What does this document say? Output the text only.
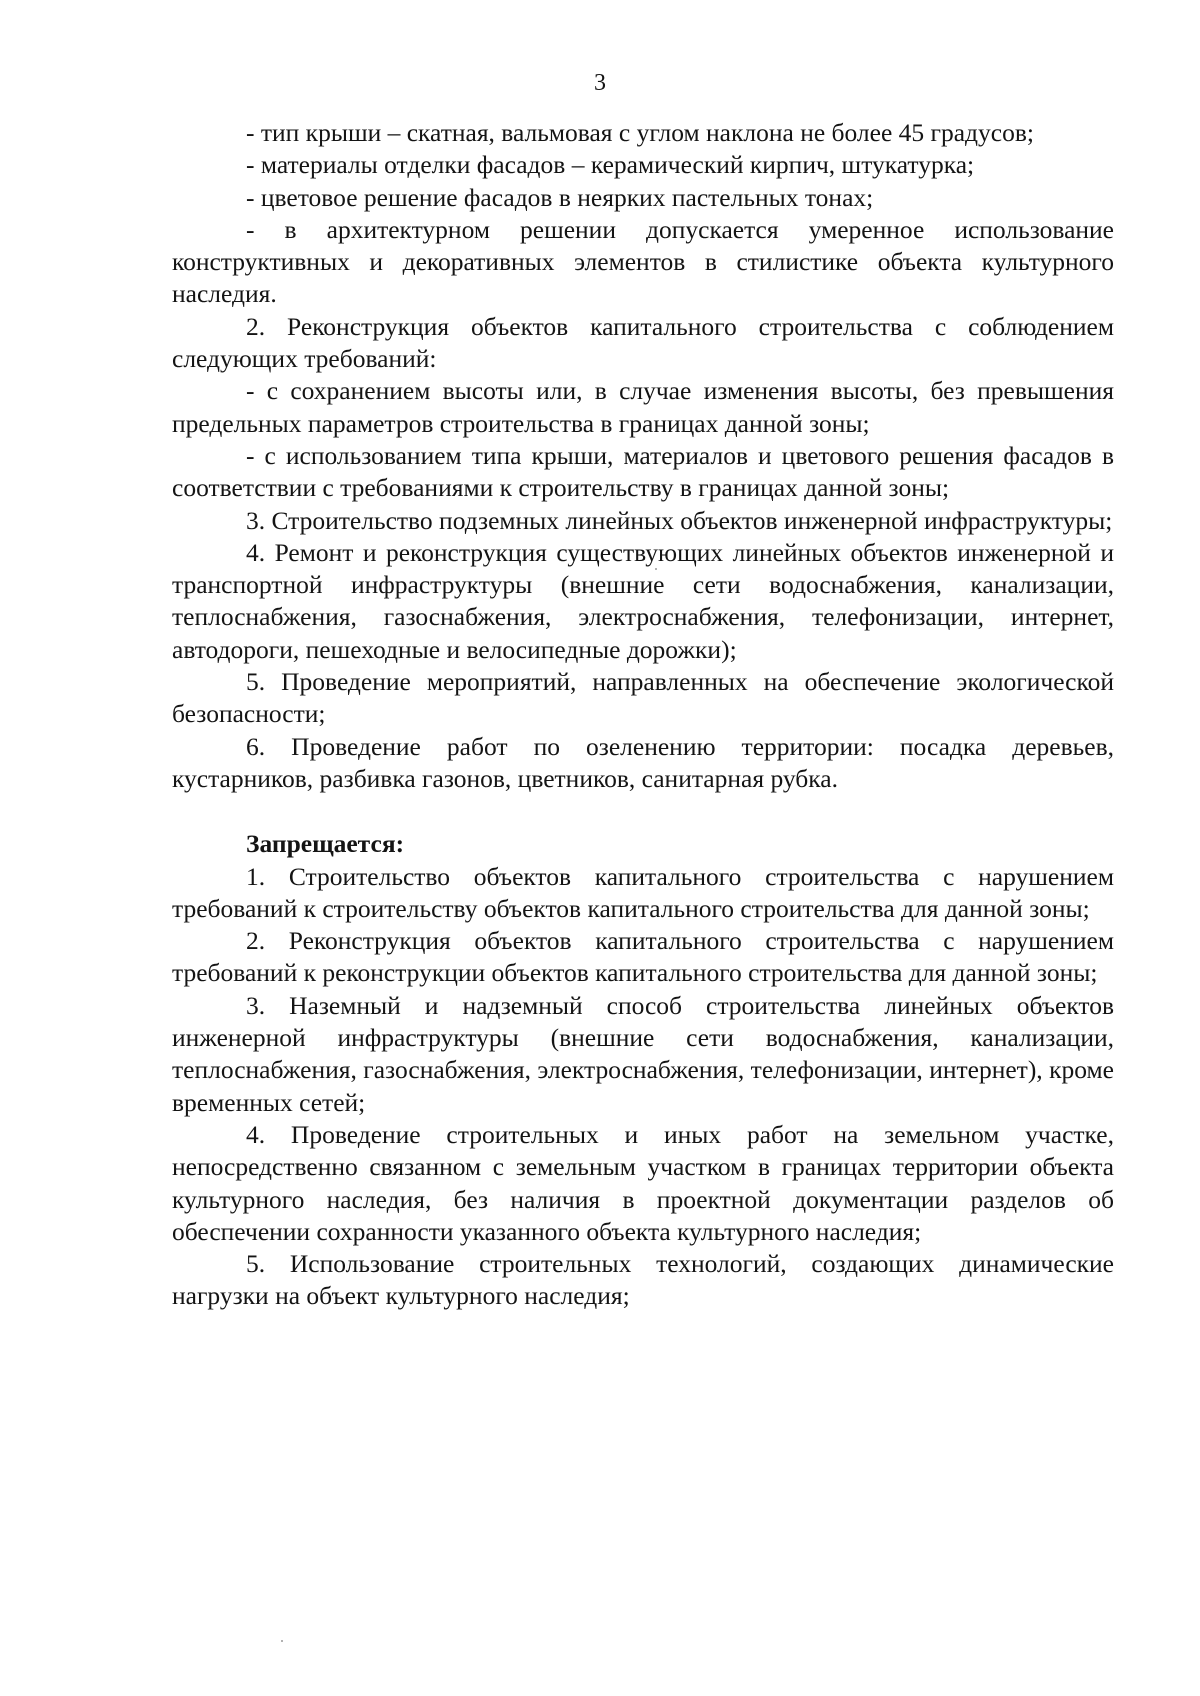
3

- тип крыши – скатная, вальмовая с углом наклона не более 45 градусов;

- материалы отделки фасадов – керамический кирпич, штукатурка;

- цветовое решение фасадов в неярких пастельных тонах;

- в архитектурном решении допускается умеренное использование конструктивных и декоративных элементов в стилистике объекта культурного наследия.

2. Реконструкция объектов капитального строительства с соблюдением следующих требований:

- с сохранением высоты или, в случае изменения высоты, без превышения предельных параметров строительства в границах данной зоны;

- с использованием типа крыши, материалов и цветового решения фасадов в соответствии с требованиями к строительству в границах данной зоны;

3. Строительство подземных линейных объектов инженерной инфраструктуры;

4. Ремонт и реконструкция существующих линейных объектов инженерной и транспортной инфраструктуры (внешние сети водоснабжения, канализации, теплоснабжения, газоснабжения, электроснабжения, телефонизации, интернет, автодороги, пешеходные и велосипедные дорожки);

5. Проведение мероприятий, направленных на обеспечение экологической безопасности;

6. Проведение работ по озеленению территории: посадка деревьев, кустарников, разбивка газонов, цветников, санитарная рубка.

Запрещается:

1. Строительство объектов капитального строительства с нарушением требований к строительству объектов капитального строительства для данной зоны;

2. Реконструкция объектов капитального строительства с нарушением требований к реконструкции объектов капитального строительства для данной зоны;

3. Наземный и надземный способ строительства линейных объектов инженерной инфраструктуры (внешние сети водоснабжения, канализации, теплоснабжения, газоснабжения, электроснабжения, телефонизации, интернет), кроме временных сетей;

4. Проведение строительных и иных работ на земельном участке, непосредственно связанном с земельным участком в границах территории объекта культурного наследия, без наличия в проектной документации разделов об обеспечении сохранности указанного объекта культурного наследия;

5. Использование строительных технологий, создающих динамические нагрузки на объект культурного наследия;
